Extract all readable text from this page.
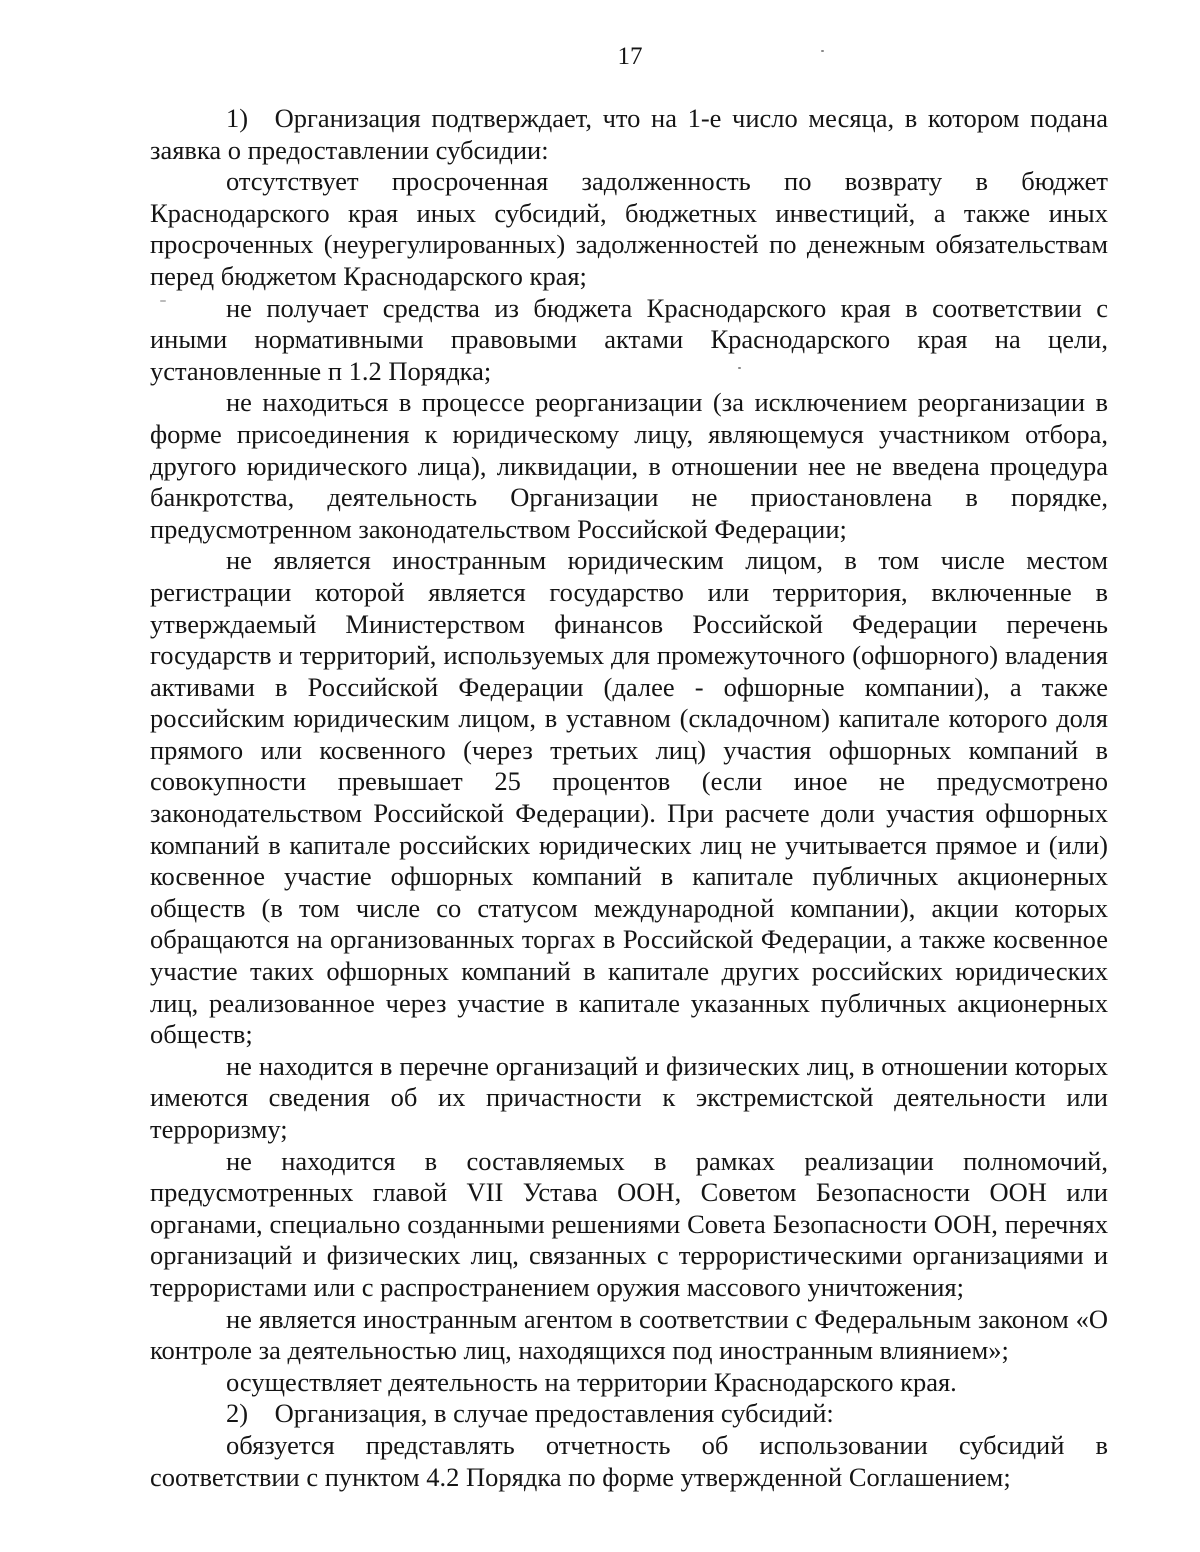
17

1) Организация подтверждает, что на 1-е число месяца, в котором подана заявка о предоставлении субсидии:

отсутствует просроченная задолженность по возврату в бюджет Краснодарского края иных субсидий, бюджетных инвестиций, а также иных просроченных (неурегулированных) задолженностей по денежным обязательствам перед бюджетом Краснодарского края;

не получает средства из бюджета Краснодарского края в соответствии с иными нормативными правовыми актами Краснодарского края на цели, установленные п 1.2 Порядка;

не находиться в процессе реорганизации (за исключением реорганизации в форме присоединения к юридическому лицу, являющемуся участником отбора, другого юридического лица), ликвидации, в отношении нее не введена процедура банкротства, деятельность Организации не приостановлена в порядке, предусмотренном законодательством Российской Федерации;

не является иностранным юридическим лицом, в том числе местом регистрации которой является государство или территория, включенные в утверждаемый Министерством финансов Российской Федерации перечень государств и территорий, используемых для промежуточного (офшорного) владения активами в Российской Федерации (далее - офшорные компании), а также российским юридическим лицом, в уставном (складочном) капитале которого доля прямого или косвенного (через третьих лиц) участия офшорных компаний в совокупности превышает 25 процентов (если иное не предусмотрено законодательством Российской Федерации). При расчете доли участия офшорных компаний в капитале российских юридических лиц не учитывается прямое и (или) косвенное участие офшорных компаний в капитале публичных акционерных обществ (в том числе со статусом международной компании), акции которых обращаются на организованных торгах в Российской Федерации, а также косвенное участие таких офшорных компаний в капитале других российских юридических лиц, реализованное через участие в капитале указанных публичных акционерных обществ;

не находится в перечне организаций и физических лиц, в отношении которых имеются сведения об их причастности к экстремистской деятельности или терроризму;

не находится в составляемых в рамках реализации полномочий, предусмотренных главой VII Устава ООН, Советом Безопасности ООН или органами, специально созданными решениями Совета Безопасности ООН, перечнях организаций и физических лиц, связанных с террористическими организациями и террористами или с распространением оружия массового уничтожения;

не является иностранным агентом в соответствии с Федеральным законом «О контроле за деятельностью лиц, находящихся под иностранным влиянием»;

осуществляет деятельность на территории Краснодарского края.

2) Организация, в случае предоставления субсидий:

обязуется представлять отчетность об использовании субсидий в соответствии с пунктом 4.2 Порядка по форме утвержденной Соглашением;
